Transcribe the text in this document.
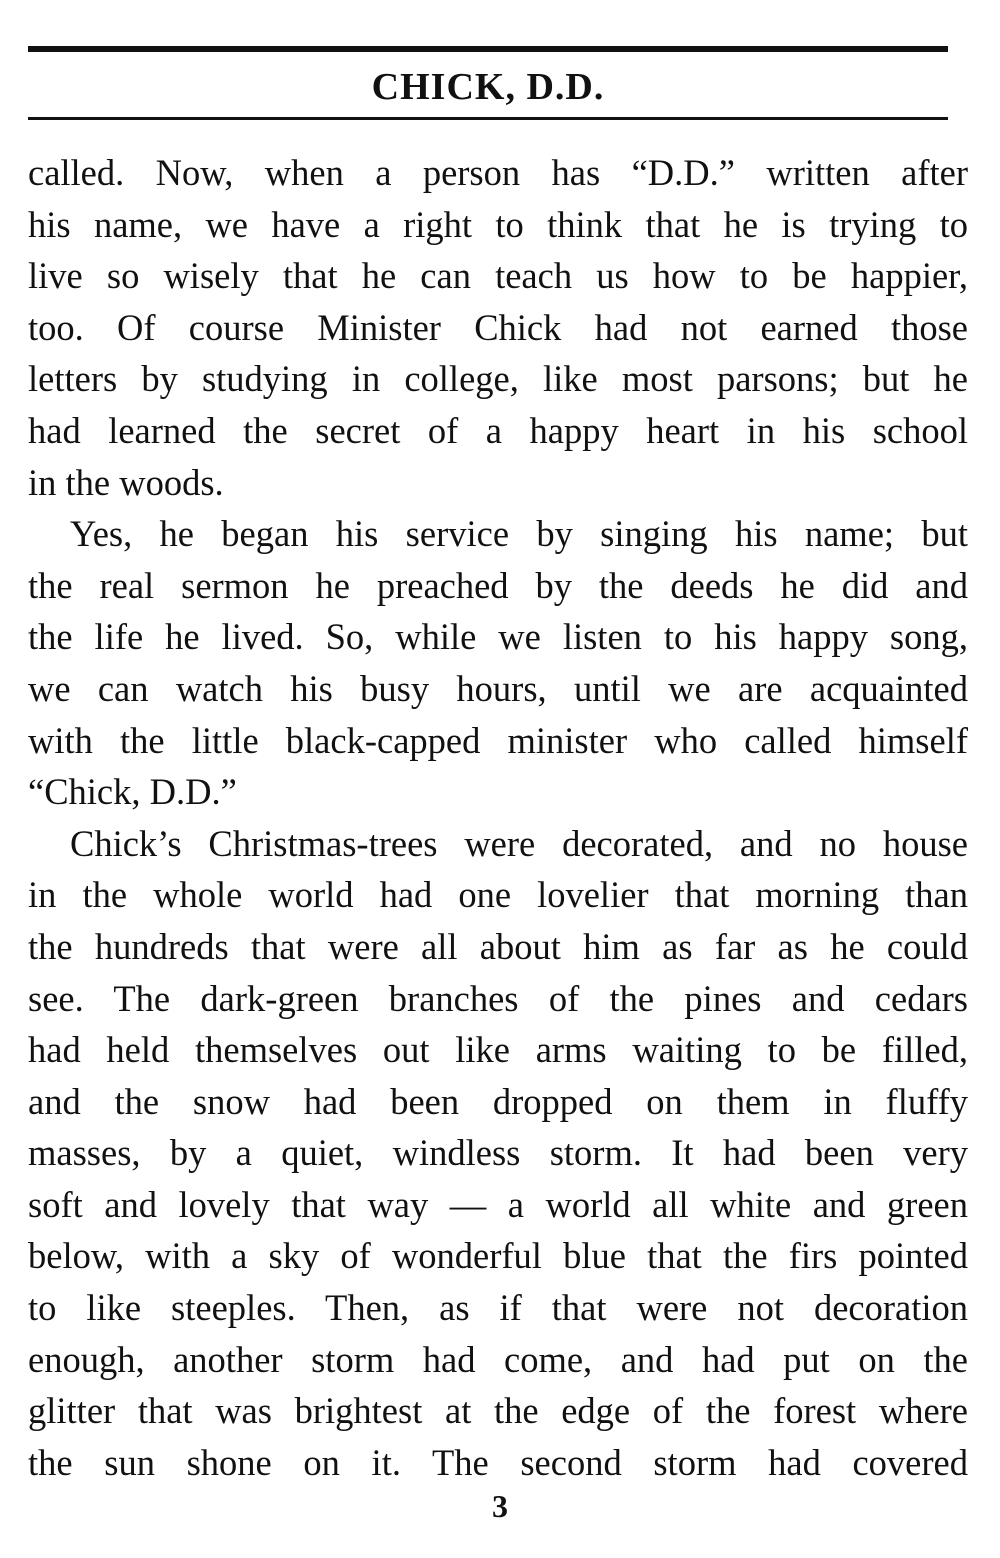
CHICK, D.D.
called. Now, when a person has “D.D.” written after
his name, we have a right to think that he is trying to
live so wisely that he can teach us how to be happier,
too. Of course Minister Chick had not earned those
letters by studying in college, like most parsons; but he
had learned the secret of a happy heart in his school
in the woods.
Yes, he began his service by singing his name; but
the real sermon he preached by the deeds he did and
the life he lived. So, while we listen to his happy song,
we can watch his busy hours, until we are acquainted
with the little black-capped minister who called himself
“Chick, D.D.”
Chick’s Christmas-trees were decorated, and no house
in the whole world had one lovelier that morning than
the hundreds that were all about him as far as he could
see. The dark-green branches of the pines and cedars
had held themselves out like arms waiting to be filled,
and the snow had been dropped on them in fluffy
masses, by a quiet, windless storm. It had been very
soft and lovely that way — a world all white and green
below, with a sky of wonderful blue that the firs pointed
to like steeples. Then, as if that were not decoration
enough, another storm had come, and had put on the
glitter that was brightest at the edge of the forest where
the sun shone on it. The second storm had covered
3
